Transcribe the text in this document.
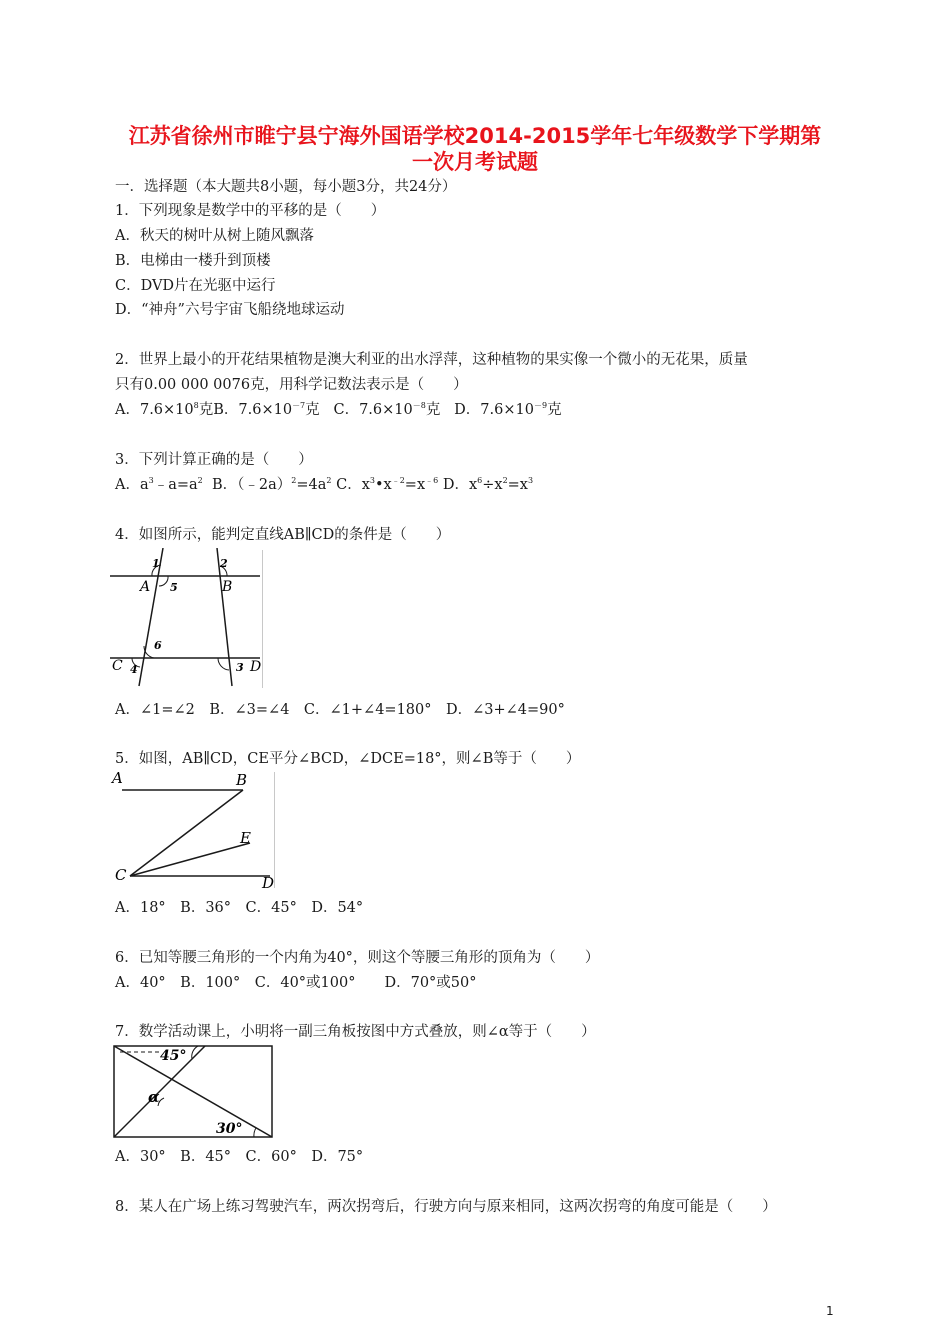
江苏省徐州市睢宁县宁海外国语学校2014-2015学年七年级数学下学期第
一次月考试题
一．选择题（本大题共8小题，每小题3分，共24分）
1．下列现象是数学中的平移的是（　　）
A．秋天的树叶从树上随风飘落
B．电梯由一楼升到顶楼
C．DVD片在光驱中运行
D．“神舟”六号宇宙飞船绕地球运动
2．世界上最小的开花结果植物是澳大利亚的出水浮萍，这种植物的果实像一个微小的无花果，质量
只有0.00 000 0076克，用科学记数法表示是（　　）
A．$7.6\times 10^8$克B．$7.6\times 10^{-7}$克 C．$7.6\times 10^{-8}$克 D．$7.6\times 10^{-9}$克
3．下列计算正确的是（　　）
A．$a^3﹣a=a^2$ B．$(﹣2a)^2=4a^2$ C．$x^3•x^{﹣2}=x^{﹣6}$ D．$x^6\div x^2=x^3$
4．如图所示，能判定直线AB∥CD的条件是（　　）
1	2
A 5	B
6
C 4	3 D
A．∠1=∠2　B．∠3=∠4　C．∠1+∠4=180°　D．∠3+∠4=90°
5．如图，AB∥CD，CE平分∠BCD，∠DCE=18°，则∠B等于（　　）
A	B
E
C	D
A．18°　B．36°　C．45°　D．54°
6．已知等腰三角形的一个内角为40°，则这个等腰三角形的顶角为（　　）
A．40°　B．100°　C．40°或100°　　D．70°或50°
7．数学活动课上，小明将一副三角板按图中方式叠放，则∠α等于（　　）
45°
α
30°
A．30°　B．45°　C．60°　D．75°
8．某人在广场上练习驾驶汽车，两次拐弯后，行驶方向与原来相同，这两次拐弯的角度可能是（　　）
1
